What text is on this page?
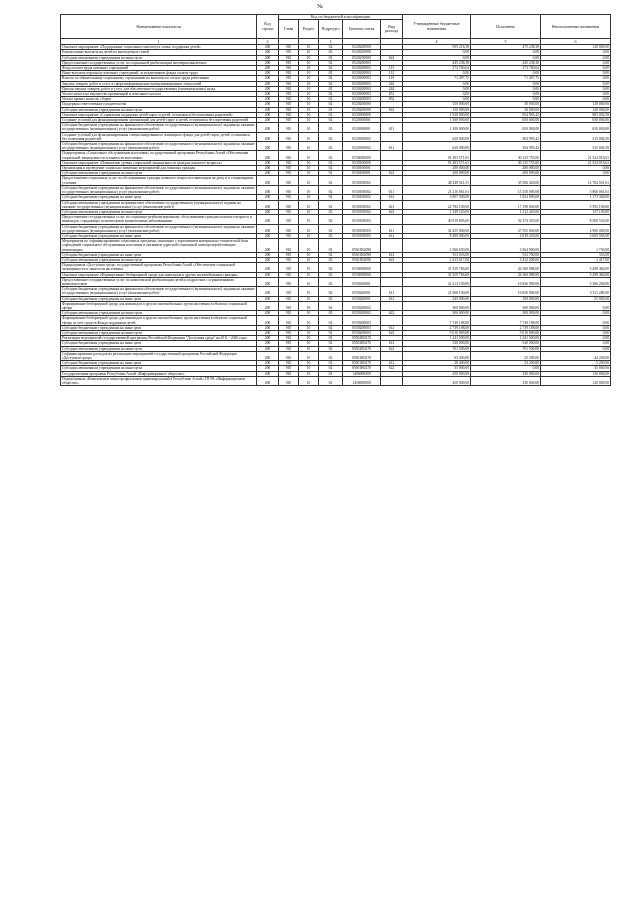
№
Наименование показателя	Код строки	Код по бюджетной классификации					Утвержденные бюджетные назначения	Исполнено	Неисполненные назначения
		Глава	Раздел	Подраздел	Целевая статья	Вид расхода			
1	2			3			4	5	6
Основное мероприятие «Поддержание социального института семьи, поддержка детей»	200	910	10	02	0520200000		595 218,39	475 238,39	120 000,00
Ежемесячные выплаты на детей из многодетных семей	200	910	10	02	0520250000		0,00	0,00	0,00
Субсидии автономным учреждениям на иные цели	200	910	10	02	0520250000	622	0,00	0,00	0,00
Предоставление государственных услуг по социальной реабилитации несовершеннолетних	200	910	10	02	0520200003		445 238,39	445 238,39	0,00
Фонд оплаты труда казенных учреждений	200	910	10	02	0520200003	111	373 760,64	373 760,64	0,00
Иные выплаты персоналу казенных учреждений, за исключением фонда оплаты труда	200	910	10	02	0520200003	112	0,00	0,00	0,00
Взносы по обязательному социальному страхованию на выплаты по оплате труда работников	200	910	10	02	0520200003	119	71 497,75	71 497,75	0,00
Закупка товаров, работ и услуг в сфере информационно-коммуникационных технологий	200	910	10	02	0520200003	242	0,00	0,00	0,00
Прочая закупка товаров, работ и услуг для обеспечения государственных (муниципальных) нужд	200	910	10	02	0520200003	244	0,00	0,00	0,00
Уплата налога на имущество организаций и земельного налога	200	910	10	02	0520200003	851	0,00	0,00	0,00
Уплата прочих налогов, сборов	200	910	10	02	0520200003	852	0,00	0,00	0,00
Поддержка ответственного родительства	200	910	10	02	0520200000		150 000,00	30 000,00	120 000,00
Субсидии автономным учреждениям на иные цели	200	910	10	02	0520200000	622	150 000,00	30 000,00	120 000,00
Основное мероприятие «Социальная поддержка детей-сирот и детей, оставшихся без попечения родителей»	200	910	10	02	0520300000		1 920 000,00	954 995,42	965 004,58
Создание условий для функционирования организаций для детей-сирот и детей, оставшихся без попечения родителей	200	910	10	02	0520300001		1 300 000,00	650 000,00	650 000,00
Субсидии бюджетным учреждениям на финансовое обеспечение государственного (муниципального) задания на оказание государственных (муниципальных) услуг (выполнение работ)	200	910	10	02	0520300001	611	1 300 000,00	650 000,00	650 000,00
Создание условий для функционирования специализированного жилищного фонда для детей-сирот, детей, оставшихся без попечения родителей	200	910	10	02	0520300002		620 000,00	304 995,42	315 004,58
Субсидии бюджетным учреждениям на финансовое обеспечение государственного (муниципального) задания на оказание государственных (муниципальных) услуг (выполнение работ)	200	910	10	02	0520300002	611	620 000,00	304 995,42	315 004,58
Подпрограмма «Социальное обслуживание населения» государственной программы Республики Алтай «Обеспечение социальной защищенности и занятости населения»	200	910	10	02	0530000000		91 493 571,61	30 125 755,00	21 524 816,61
Основное мероприятие «Повышение уровня социальной защищенности граждан пожилого возраста»	200	910	10	02	0530100000		91 493 571,61	30 125 755,00	21 524 816,61
Организация и проведение социально значимых мероприятий для пожилых граждан	200	910	10	02	0530100001		200 000,00	200 000,00	0,00
Субсидии автономным учреждениям на иные цели	200	910	10	02	0530100001	622	200 000,00	200 000,00	0,00
Предоставление социальных услуг по обслуживанию граждан пожилого возраста и инвалидов на дому и в стационарных условиях	200	910	10	02	0530100002		48 348 921,51	35 586 420,00	12 762 501,61
Субсидии бюджетным учреждениям на финансовое обеспечение государственного (муниципального) задания на оказание государственных (муниципальных) услуг (выполнение работ)	200	910	10	02	0530100002	611	21 210 061,61	15 350 000,00	5 860 061,61
Субсидии бюджетным учреждениям на иные цели	200	910	10	02	0530100002	612	3 007 300,00	1 834 000,00	1 173 300,00
Субсидии автономным учреждениям на финансовое обеспечение государственного (муниципального) задания на оказание государственных (муниципальных) услуг (выполнение работ)	200	910	10	02	0530100002	621	22 782 100,00	17 190 000,00	5 592 100,00
Субсидии автономным учреждениям на иные цели	200	910	10	02	0530100002	622	1 349 520,00	1 212 420,00	137 100,00
Предоставление государственных услуг по социально-реабилитационному обслуживанию граждан пожилого возраста и инвалидов, страдающих психическими хроническими заболеваниями	200	910	10	02	0530100003		40 919 005,00	32 374 435,00	8 569 535,00
Субсидии бюджетным учреждениям на финансовое обеспечение государственного (муниципального) задания на оказание государственных (муниципальных) услуг (выполнение работ)	200	910	10	02	0530100003	611	32 455 000,00	27 555 000,00	4 900 000,00
Субсидии бюджетным учреждениям на иные цели	200	910	10	02	0530100003	612	8 480 000,00	4 819 435,00	3 669 565,00
Мероприятия по софинансированию социальных программ, связанных с укреплением материально-технической базы учреждений социального обслуживания населения и оказанием адресной социальной помощи неработающим пенсионерам	200	910	10	02	05301R2090		1 566 650,00	3 564 900,00	1 750,00
Субсидии бюджетным учреждениям на иные цели	200	910	10	02	05301R2090	612	553 033,00	552 700,00	333,00
Субсидии автономным учреждениям на иные цели	200	910	10	02	05301R2090	622	1 413 617,00	3 412 200,00	1 417,00
Подпрограмма «Доступная среда» государственной программы Республики Алтай «Обеспечение социальной защищенности и занятости населения»	200	910	10	02	0550000000		31 559 766,00	26 160 988,00	5 498 466,00
Основное мероприятие «Формирование безбарьерной среды для инвалидов и других маломобильных граждан»	200	910	10	02	0550000000		31 559 766,00	26 160 988,00	5 498 466,00
Предоставление государственных услуг по комплексной реабилитации детей и подростков с ограниченными возможностями	200	910	10	02	0550200001		22 213 100,00	16 846 900,00	5 366 200,00
Субсидии бюджетным учреждениям на финансовое обеспечение государственного (муниципального) задания на оказание государственных (муниципальных) услуг (выполнение работ)	200	910	10	02	0550200001	611	21 968 100,00	16 656 900,00	5 311 200,00
Субсидии бюджетным учреждениям на иные цели	200	910	10	02	0550200001	612	245 000,00	190 000,00	55 000,00
Формирование безбарьерной среды для инвалидов и других маломобильных групп населения в объектах социальной сферы	200	910	10	02	0550200002		300 000,00	300 000,00	0,00
Субсидии автономным учреждениям на иные цели	200	910	10	02	0550200002	622	300 000,00	300 000,00	0,00
Формирование безбарьерной среды для инвалидов и других маломобильных групп населения в объектах социальной сферы за счет средств Фонда поддержки детей	200	910	10	02	0550200003		7 749 188,00	7 749 188,00	0,00
Субсидии бюджетным учреждениям на иные цели	200	910	10	02	0550200003	612	2 739 188,00	2 739 188,00	0,00
Субсидии автономным учреждениям на иные цели	200	910	10	02	0550200003	622	5 010 000,00	5 010 000,00	0,00
Реализация мероприятий государственной программы Российской Федерации "Доступная среда" на 2011 - 2020 годы	200	910	10	02	05502R0270		1 241 500,00	1 241 500,00	0,00
Субсидии бюджетным учреждениям на иные цели	200	910	10	02	05502R0270	612	540 000,00	540 000,00	0,00
Субсидии автономным учреждениям на иные цели	200	910	10	02	05502R0270	622	701 500,00	701 500,00	0,00
Софинансирование расходов на реализацию мероприятий государственной программы Российской Федерации «Доступная среда»	200	910	10	02	05501R0270		63 400,00	25 200,00	42 200,00
Субсидии бюджетным учреждениям на иные цели	200	910	10	02	05501R0270	612	28 400,00	23 200,00	5 200,00
Субсидии автономным учреждениям на иные цели	200	910	10	02	05501R0270	622	35 000,00	0,00	35 000,00
Государственная программа Республики Алтай «Информационное общество»	200	910	10	02	1400000000		450 000,00	330 000,00	120 000,00
Подпрограмма «Комплексные меры профилактики правонарушений в Республике Алтай» ГП РА «Информационное общество»	200	910	10	02	1450000000		450 000,00	330 000,00	120 000,00
